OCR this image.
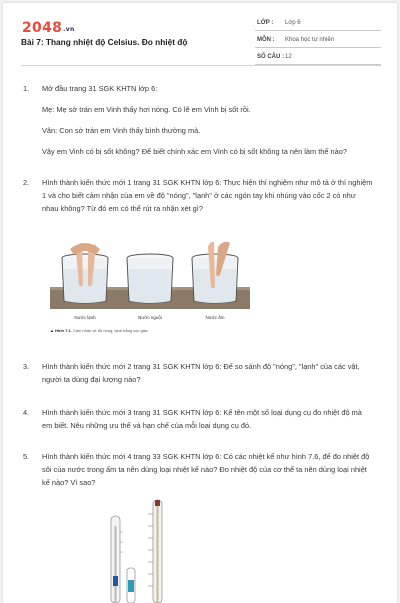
2048.vn
Bài 7: Thang nhiệt độ Celsius. Đo nhiệt độ
LỚP : Lớp 6
MÔN : Khoa học tự nhiên
SỐ CÂU : 12
1. Mở đầu trang 31 SGK KHTN lớp 6:

Mẹ: Mẹ sờ trán em Vinh thấy hơi nóng. Có lẽ em Vinh bị sốt rồi.

Vân: Con sờ trán em Vinh thấy bình thường mà.

Vậy em Vinh có bị sốt không? Để biết chính xác em Vinh có bị sốt không ta nên làm thế nào?

2. Hình thành kiến thức mới 1 trang 31 SGK KHTN lớp 6: Thực hiện thí nghiệm như mô tả ở thí nghiệm 1 và cho biết cảm nhận của em về độ "nóng", "lạnh" ở các ngón tay khi nhúng vào cốc 2 có như nhau không? Từ đó em có thể rút ra nhận xét gì?

Nước lạnh	Nước nguội	Nước ấm
▲ Hình 7.1. Cảm nhận về độ nóng, lạnh bằng xúc giác
3. Hình thành kiến thức mới 2 trang 31 SGK KHTN lớp 6: Để so sánh độ "nóng", "lạnh" của các vật, người ta dùng đại lượng nào?

4. Hình thành kiến thức mới 3 trang 31 SGK KHTN lớp 6: Kể tên một số loại dụng cụ đo nhiệt độ mà em biết. Nêu những ưu thế và hạn chế của mỗi loại dụng cụ đó.

5. Hình thành kiến thức mới 4 trang 33 SGK KHTN lớp 6: Có các nhiệt kế như hình 7.6, để đo nhiệt độ sôi của nước trong ấm ta nên dùng loại nhiệt kế nào? Đo nhiệt độ của cơ thể ta nên dùng loại nhiệt kế nào? Vì sao?
